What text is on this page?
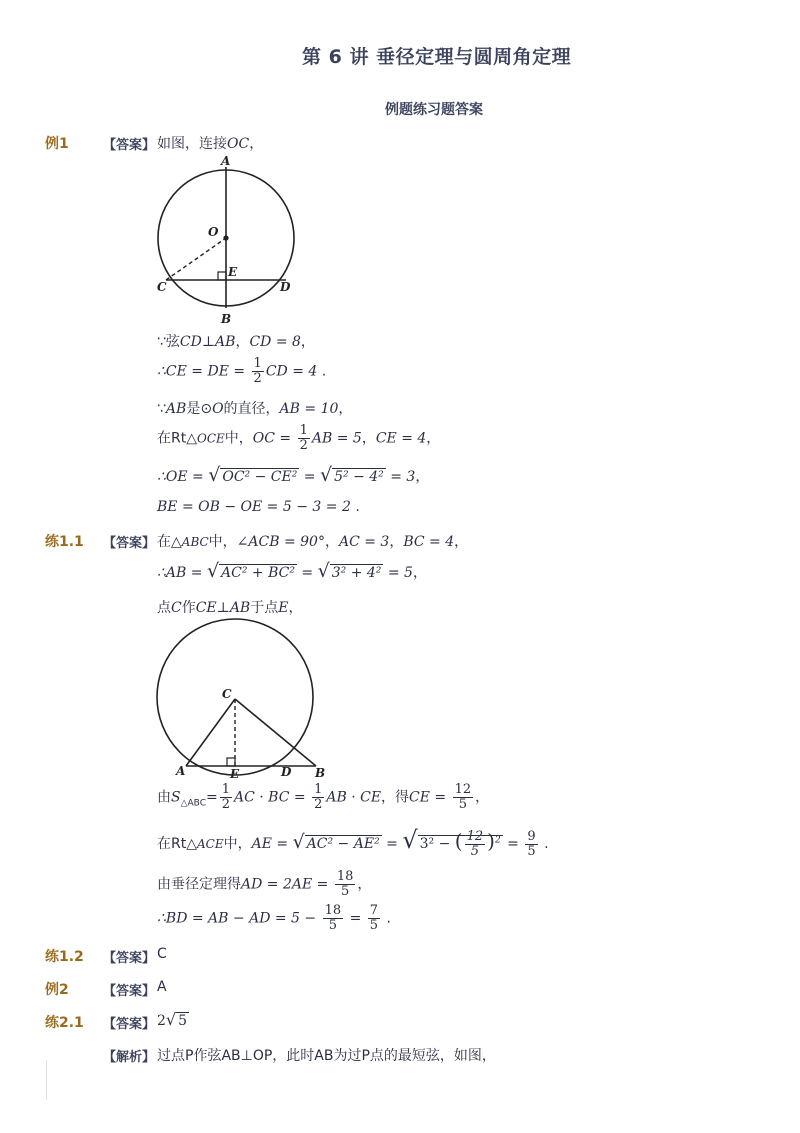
第 6 讲 垂径定理与圆周角定理
例题练习题答案
例1	【答案】 如图，连接OC，
A
O
E
C	D
B
∵弦CD⊥AB，CD = 8，
∴CE = DE = $\frac{1}{2}$ CD = 4 .
∵AB是⊙O的直径，AB = 10，
在Rt△OCE中，OC = $\frac{1}{2}$ AB = 5，CE = 4，
∴OE = √ OC² − CE² = √ 5² − 4² = 3，
BE = OB − OE = 5 − 3 = 2 .
练1.1 【答案】 在△ABC中，∠ACB = 90°，AC = 3，BC = 4，
∴AB = √ AC² + BC² = √ 3² + 4² = 5，
点C作CE⊥AB于点E，
C
A	E	D B
由$S_{\triangle ABC}= \frac{1}{2}$ AC · BC = $\frac{1}{2}$ AB · CE，得CE = $\frac{12}{5}$ ，
在Rt△ACE中，AE = √ AC² − AE² = √ 3² − ( $\frac{12}{5} )^2 = \frac{9}{5}$ .
由垂径定理得AD = $2AE = \frac{18}{5}$ ，
∴BD = AB − AD = $5 - \frac{18}{5} = \frac{7}{5}$ .
练1.2 【答案】 C
例2	【答案】 A
练2.1 【答案】 2√ 5
【解析】 过点P作弦AB⊥OP，此时AB为过P点的最短弦，如图，
